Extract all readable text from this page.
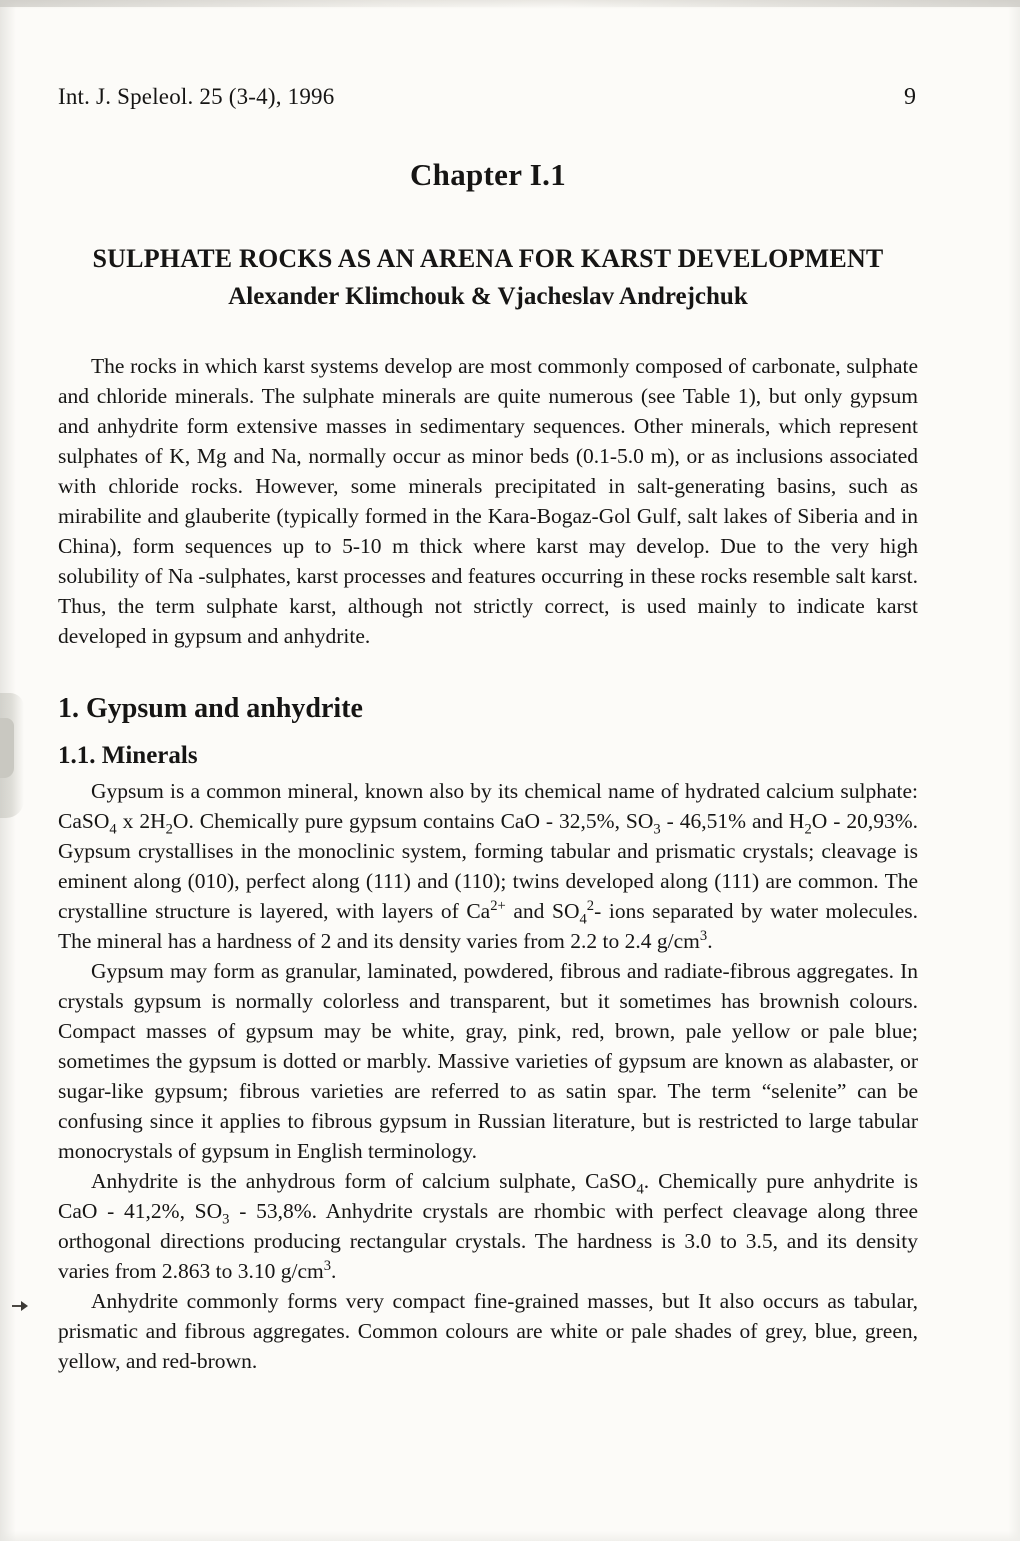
Int. J. Speleol. 25 (3-4), 1996	9
Chapter I.1
SULPHATE ROCKS AS AN ARENA FOR KARST DEVELOPMENT
Alexander Klimchouk & Vjacheslav Andrejchuk

The rocks in which karst systems develop are most commonly composed of carbonate, sulphate and chloride minerals. The sulphate minerals are quite numerous (see Table 1), but only gypsum and anhydrite form extensive masses in sedimentary sequences. Other minerals, which represent sulphates of K, Mg and Na, normally occur as minor beds (0.1-5.0 m), or as inclusions associated with chloride rocks. However, some minerals precipitated in salt-generating basins, such as mirabilite and glauberite (typically formed in the Kara-Bogaz-Gol Gulf, salt lakes of Siberia and in China), form sequences up to 5-10 m thick where karst may develop. Due to the very high solubility of Na -sulphates, karst processes and features occurring in these rocks resemble salt karst. Thus, the term sulphate karst, although not strictly correct, is used mainly to indicate karst developed in gypsum and anhydrite.

1. Gypsum and anhydrite
1.1. Minerals

Gypsum is a common mineral, known also by its chemical name of hydrated calcium sulphate: CaSO$_4$ x $2H_2O$. Chemically pure gypsum contains CaO - 32,5%, $SO_3 - 46,51\%$ and $H_2O - 20,93\%$. Gypsum crystallises in the monoclinic system, forming tabular and prismatic crystals; cleavage is eminent along (010), perfect along (111) and (110); twins developed along (111) are common. The crystalline structure is layered, with layers of $Ca^{2+}$ and $SO_4^2-$ ions separated by water molecules. The mineral has a hardness of 2 and its density varies from 2.2 to 2.4 $g/cm^3$.

Gypsum may form as granular, laminated, powdered, fibrous and radiate-fibrous aggregates. In crystals gypsum is normally colorless and transparent, but it sometimes has brownish colours. Compact masses of gypsum may be white, gray, pink, red, brown, pale yellow or pale blue; sometimes the gypsum is dotted or marbly. Massive varieties of gypsum are known as alabaster, or sugar-like gypsum; fibrous varieties are referred to as satin spar. The term “selenite” can be confusing since it applies to fibrous gypsum in Russian literature, but is restricted to large tabular monocrystals of gypsum in English terminology.

Anhydrite is the anhydrous form of calcium sulphate, CaSO$_4$. Chemically pure anhydrite is CaO - 41,2%, $SO_3 - 53,8\%$. Anhydrite crystals are rhombic with perfect cleavage along three orthogonal directions producing rectangular crystals. The hardness is 3.0 to 3.5, and its density varies from 2.863 to 3.10 $g/cm^3$.

Anhydrite commonly forms very compact fine-grained masses, but It also occurs as tabular, prismatic and fibrous aggregates. Common colours are white or pale shades of grey, blue, green, yellow, and red-brown.
